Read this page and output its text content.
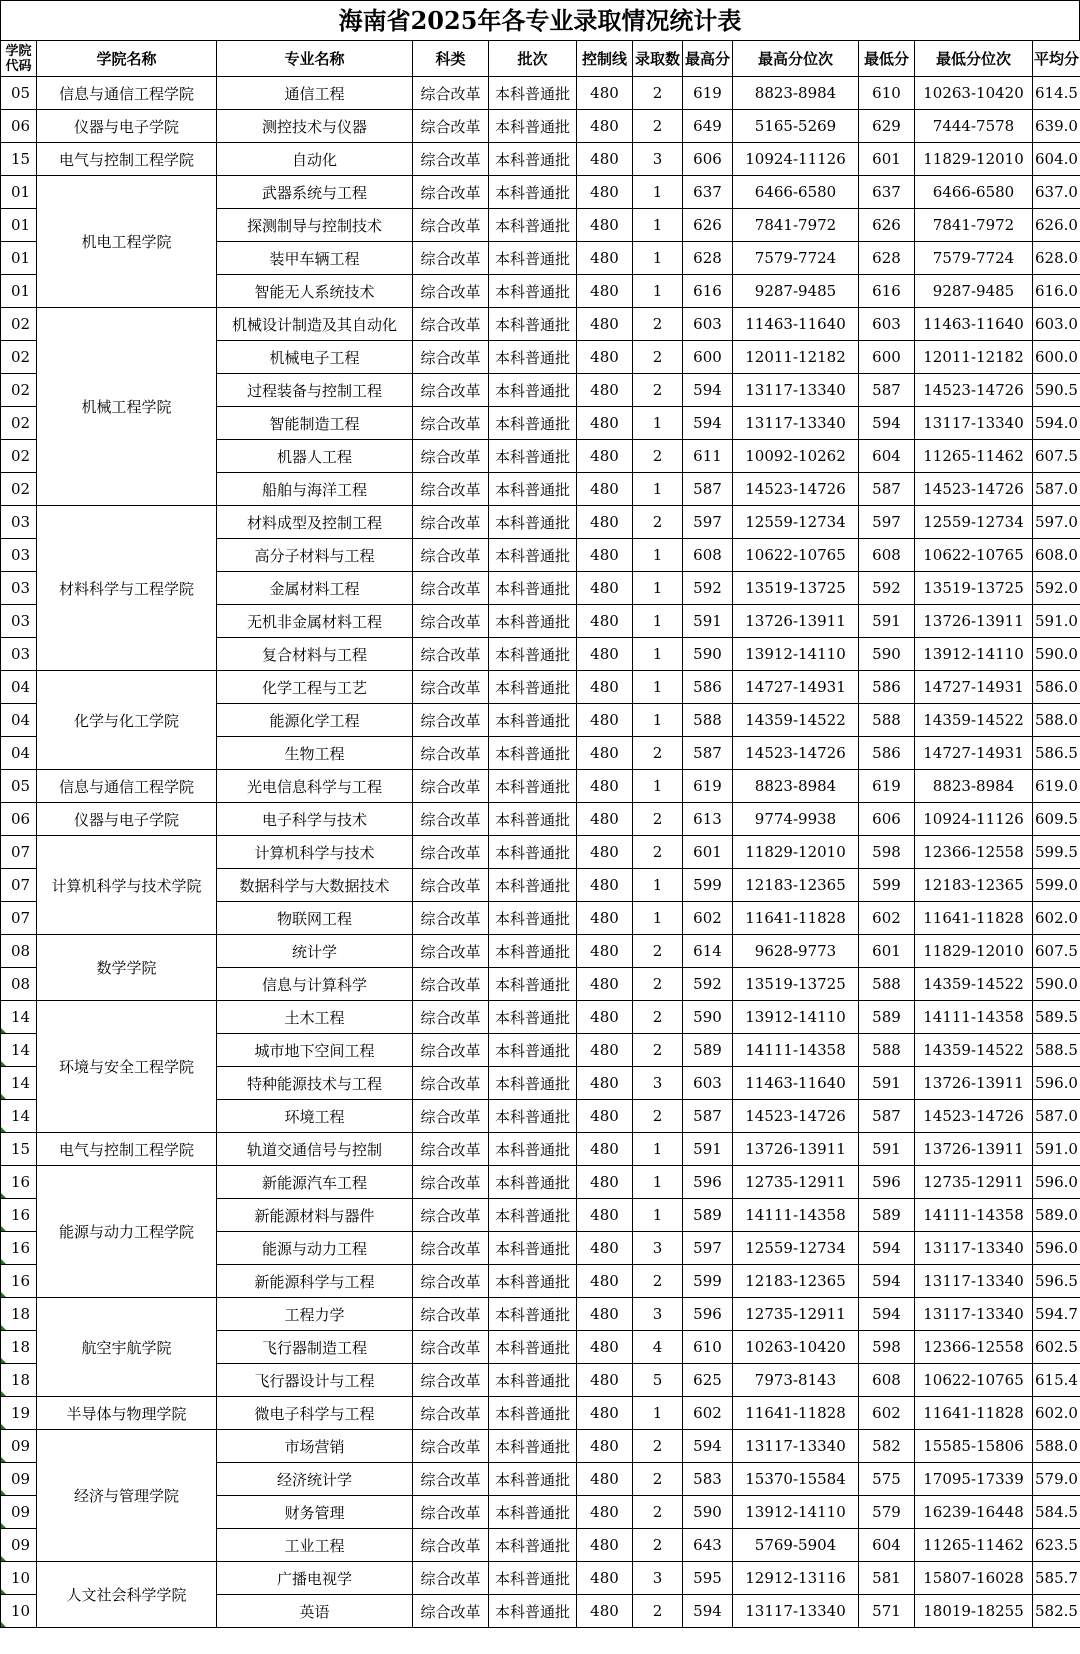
海南省2025年各专业录取情况统计表
学院代码	学院名称	专业名称	科类	批次	控制线	录取数	最高分	最高分位次	最低分	最低分位次	平均分
05	信息与通信工程学院	通信工程	综合改革	本科普通批	480	2	619	8823-8984	610	10263-10420	614.5
06	仪器与电子学院	测控技术与仪器	综合改革	本科普通批	480	2	649	5165-5269	629	7444-7578	639.0
15	电气与控制工程学院	自动化	综合改革	本科普通批	480	3	606	10924-11126	601	11829-12010	604.0
01	机电工程学院	武器系统与工程	综合改革	本科普通批	480	1	637	6466-6580	637	6466-6580	637.0
01		探测制导与控制技术	综合改革	本科普通批	480	1	626	7841-7972	626	7841-7972	626.0
01		装甲车辆工程	综合改革	本科普通批	480	1	628	7579-7724	628	7579-7724	628.0
01		智能无人系统技术	综合改革	本科普通批	480	1	616	9287-9485	616	9287-9485	616.0
02	机械工程学院	机械设计制造及其自动化	综合改革	本科普通批	480	2	603	11463-11640	603	11463-11640	603.0
02		机械电子工程	综合改革	本科普通批	480	2	600	12011-12182	600	12011-12182	600.0
02		过程装备与控制工程	综合改革	本科普通批	480	2	594	13117-13340	587	14523-14726	590.5
02		智能制造工程	综合改革	本科普通批	480	1	594	13117-13340	594	13117-13340	594.0
02		机器人工程	综合改革	本科普通批	480	2	611	10092-10262	604	11265-11462	607.5
02		船舶与海洋工程	综合改革	本科普通批	480	1	587	14523-14726	587	14523-14726	587.0
03	材料科学与工程学院	材料成型及控制工程	综合改革	本科普通批	480	2	597	12559-12734	597	12559-12734	597.0
03		高分子材料与工程	综合改革	本科普通批	480	1	608	10622-10765	608	10622-10765	608.0
03		金属材料工程	综合改革	本科普通批	480	1	592	13519-13725	592	13519-13725	592.0
03		无机非金属材料工程	综合改革	本科普通批	480	1	591	13726-13911	591	13726-13911	591.0
03		复合材料与工程	综合改革	本科普通批	480	1	590	13912-14110	590	13912-14110	590.0
04	化学与化工学院	化学工程与工艺	综合改革	本科普通批	480	1	586	14727-14931	586	14727-14931	586.0
04		能源化学工程	综合改革	本科普通批	480	1	588	14359-14522	588	14359-14522	588.0
04		生物工程	综合改革	本科普通批	480	2	587	14523-14726	586	14727-14931	586.5
05	信息与通信工程学院	光电信息科学与工程	综合改革	本科普通批	480	1	619	8823-8984	619	8823-8984	619.0
06	仪器与电子学院	电子科学与技术	综合改革	本科普通批	480	2	613	9774-9938	606	10924-11126	609.5
07	计算机科学与技术学院	计算机科学与技术	综合改革	本科普通批	480	2	601	11829-12010	598	12366-12558	599.5
07		数据科学与大数据技术	综合改革	本科普通批	480	1	599	12183-12365	599	12183-12365	599.0
07		物联网工程	综合改革	本科普通批	480	1	602	11641-11828	602	11641-11828	602.0
08	数学学院	统计学	综合改革	本科普通批	480	2	614	9628-9773	601	11829-12010	607.5
08		信息与计算科学	综合改革	本科普通批	480	2	592	13519-13725	588	14359-14522	590.0
14	环境与安全工程学院	土木工程	综合改革	本科普通批	480	2	590	13912-14110	589	14111-14358	589.5
14		城市地下空间工程	综合改革	本科普通批	480	2	589	14111-14358	588	14359-14522	588.5
14		特种能源技术与工程	综合改革	本科普通批	480	3	603	11463-11640	591	13726-13911	596.0
14		环境工程	综合改革	本科普通批	480	2	587	14523-14726	587	14523-14726	587.0
15	电气与控制工程学院	轨道交通信号与控制	综合改革	本科普通批	480	1	591	13726-13911	591	13726-13911	591.0
16	能源与动力工程学院	新能源汽车工程	综合改革	本科普通批	480	1	596	12735-12911	596	12735-12911	596.0
16		新能源材料与器件	综合改革	本科普通批	480	1	589	14111-14358	589	14111-14358	589.0
16		能源与动力工程	综合改革	本科普通批	480	3	597	12559-12734	594	13117-13340	596.0
16		新能源科学与工程	综合改革	本科普通批	480	2	599	12183-12365	594	13117-13340	596.5
18	航空宇航学院	工程力学	综合改革	本科普通批	480	3	596	12735-12911	594	13117-13340	594.7
18		飞行器制造工程	综合改革	本科普通批	480	4	610	10263-10420	598	12366-12558	602.5
18		飞行器设计与工程	综合改革	本科普通批	480	5	625	7973-8143	608	10622-10765	615.4
19	半导体与物理学院	微电子科学与工程	综合改革	本科普通批	480	1	602	11641-11828	602	11641-11828	602.0
09	经济与管理学院	市场营销	综合改革	本科普通批	480	2	594	13117-13340	582	15585-15806	588.0
09		经济统计学	综合改革	本科普通批	480	2	583	15370-15584	575	17095-17339	579.0
09		财务管理	综合改革	本科普通批	480	2	590	13912-14110	579	16239-16448	584.5
09		工业工程	综合改革	本科普通批	480	2	643	5769-5904	604	11265-11462	623.5
10	人文社会科学学院	广播电视学	综合改革	本科普通批	480	3	595	12912-13116	581	15807-16028	585.7
10		英语	综合改革	本科普通批	480	2	594	13117-13340	571	18019-18255	582.5
